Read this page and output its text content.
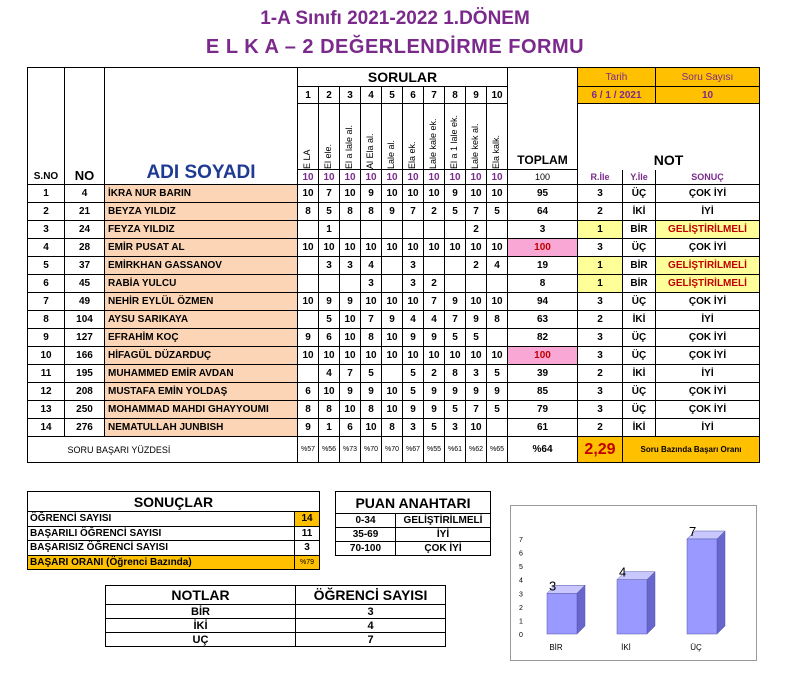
1-A Sınıfı 2021-2022 1.DÖNEM
E L K A – 2 DEĞERLENDİRME FORMU
S.NO	NO	ADI SOYADI	SORULAR										TOPLAM	Tarih		Soru Sayısı
			1	2	3	4	5	6	7	8	9	10		6 / 1 / 2021		10

			E LA	El ele.	El a lale al.	Al Ela al.	Lale al.	Ela ek.	Lale kale ek.	El a 1 lale ek.	Lale kek al.	Ela kalk.		NOT		
			10	10	10	10	10	10	10	10	10	10	100	R.İle	Y.İle	SONUÇ
1	4	İKRA NUR BARIN	10	7	10	9	10	10	10	9	10	10	95	3	ÜÇ	ÇOK İYİ
2	21	BEYZA YILDIZ	8	5	8	8	9	7	2	5	7	5	64	2	İKİ	İYİ
3	24	FEYZA YILDIZ		1							2		3	1	BİR	GELİŞTİRİLMELİ
4	28	EMİR PUSAT AL	10	10	10	10	10	10	10	10	10	10	100	3	ÜÇ	ÇOK İYİ
5	37	EMİRKHAN GASSANOV		3	3	4		3			2	4	19	1	BİR	GELİŞTİRİLMELİ
6	45	RABİA YULCU				3		3	2				8	1	BİR	GELİŞTİRİLMELİ
7	49	NEHİR EYLÜL ÖZMEN	10	9	9	10	10	10	7	9	10	10	94	3	ÜÇ	ÇOK İYİ
8	104	AYSU SARIKAYA		5	10	7	9	4	4	7	9	8	63	2	İKİ	İYİ
9	127	EFRAHİM KOÇ	9	6	10	8	10	9	9	5	5		82	3	ÜÇ	ÇOK İYİ
10	166	HİFAGÜL DÜZARDUÇ	10	10	10	10	10	10	10	10	10	10	100	3	ÜÇ	ÇOK İYİ
11	195	MUHAMMED EMİR AVDAN		4	7	5		5	2	8	3	5	39	2	İKİ	İYİ
12	208	MUSTAFA EMİN YOLDAŞ	6	10	9	9	10	5	9	9	9	9	85	3	ÜÇ	ÇOK İYİ
13	250	MOHAMMAD MAHDI GHAYYOUMI	8	8	10	8	10	9	9	5	7	5	79	3	ÜÇ	ÇOK İYİ
14	276	NEMATULLAH JUNBISH	9	1	6	10	8	3	5	3	10		61	2	İKİ	İYİ
	SORU BAŞARI YÜZDESİ		%57	%56	%73	%70	%70	%67	%55	%61	%62	%65	%64	2,29	Soru Bazında Başarı Oranı	
SONUÇLAR	
ÖĞRENCİ SAYISI	14
BAŞARILI ÖĞRENCİ SAYISI	11
BAŞARISIZ ÖĞRENCİ SAYISI	3
BAŞARI ORANI (Öğrenci Bazında)	%79
PUAN ANAHTARI	
0-34	GELİŞTİRİLMELİ
35-69	İYİ
70-100	ÇOK İYİ
NOTLAR	ÖĞRENCİ SAYISI
BİR	3
İKİ	4
UÇ	7	0
1
2
3
4
5
6
7
3
BİR
4
İKİ
7
ÜÇ
